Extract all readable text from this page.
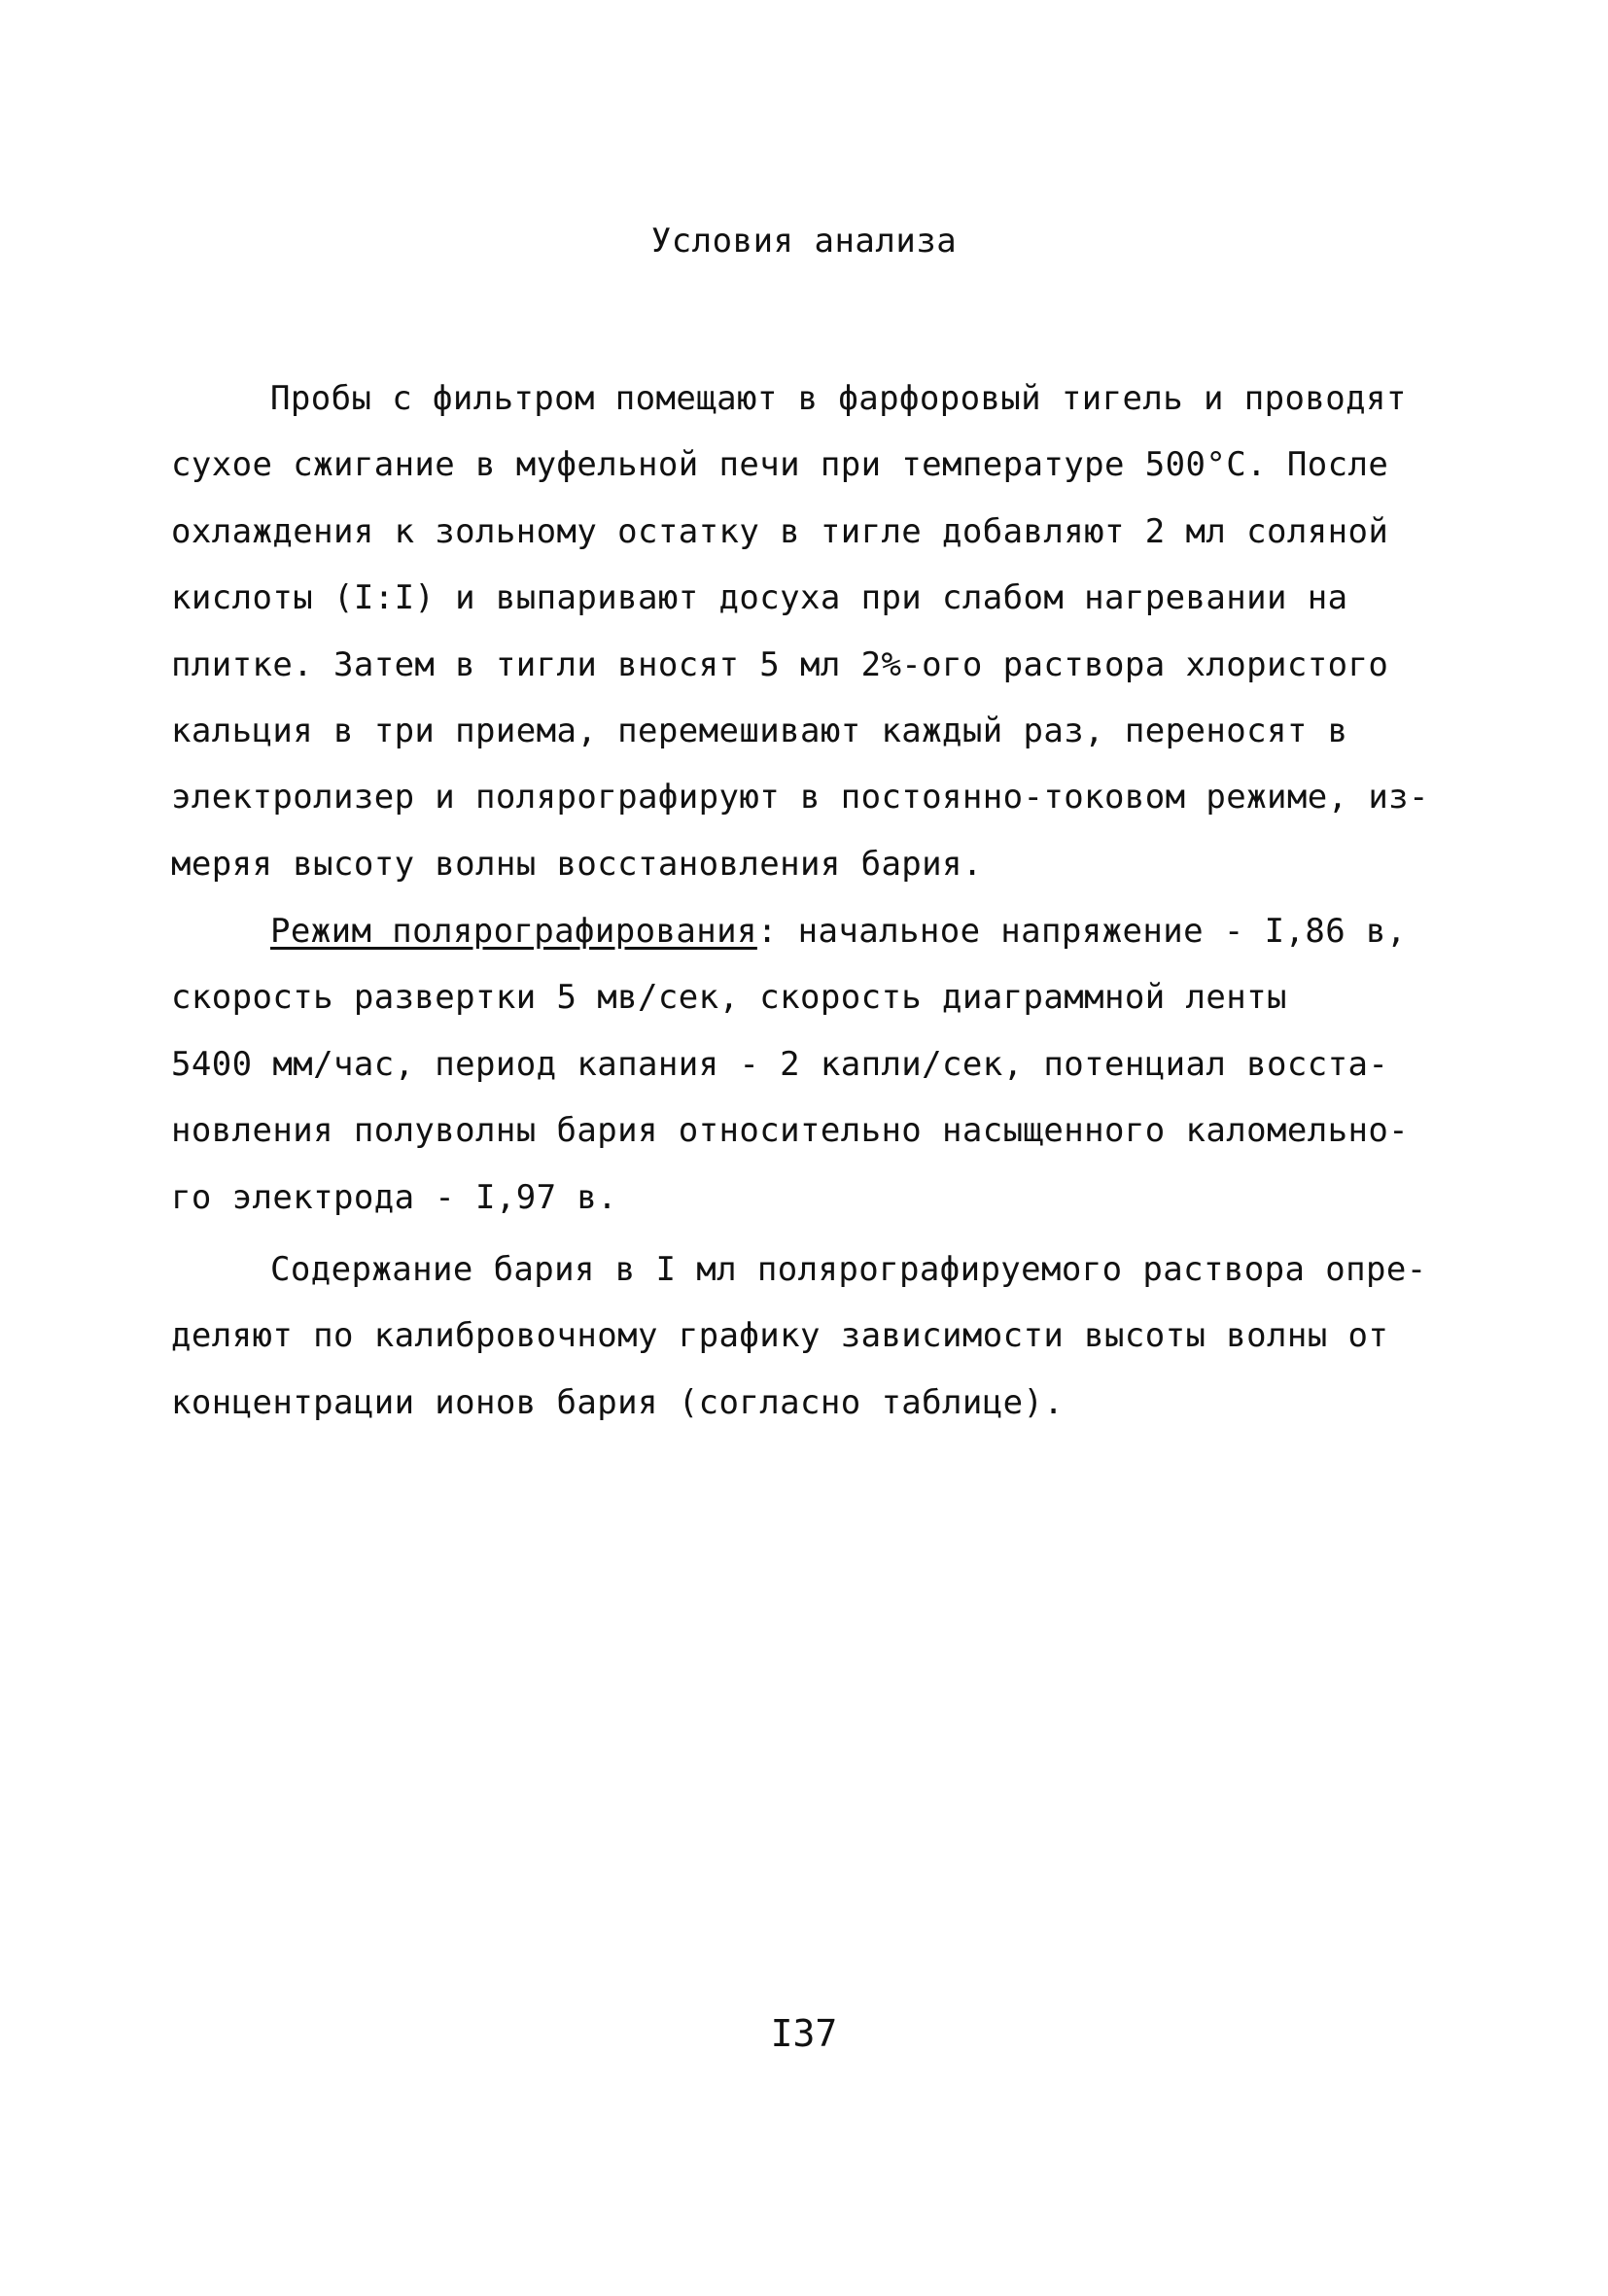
Условия анализа
Пробы с фильтром помещают в фарфоровый тигель и проводят
сухое сжигание в муфельной печи при температуре 500°C. После
охлаждения к зольному остатку в тигле добавляют 2 мл соляной
кислоты (I:I) и выпаривают досуха при слабом нагревании на
плитке. Затем в тигли вносят 5 мл 2%-ого раствора хлористого
кальция в три приема, перемешивают каждый раз, переносят в
электролизер и полярографируют в постоянно-токовом режиме, из-
меряя высоту волны восстановления бария.
Режим полярографирования: начальное напряжение - I,86 в,
скорость развертки 5 мв/сек, скорость диаграммной ленты
5400 мм/час, период капания - 2 капли/сек, потенциал восста-
новления полуволны бария относительно насыщенного каломельно-
го электрода - I,97 в.
Содержание бария в I мл полярографируемого раствора опре-
деляют по калибровочному графику зависимости высоты волны от
концентрации ионов бария (согласно таблице).
I37
